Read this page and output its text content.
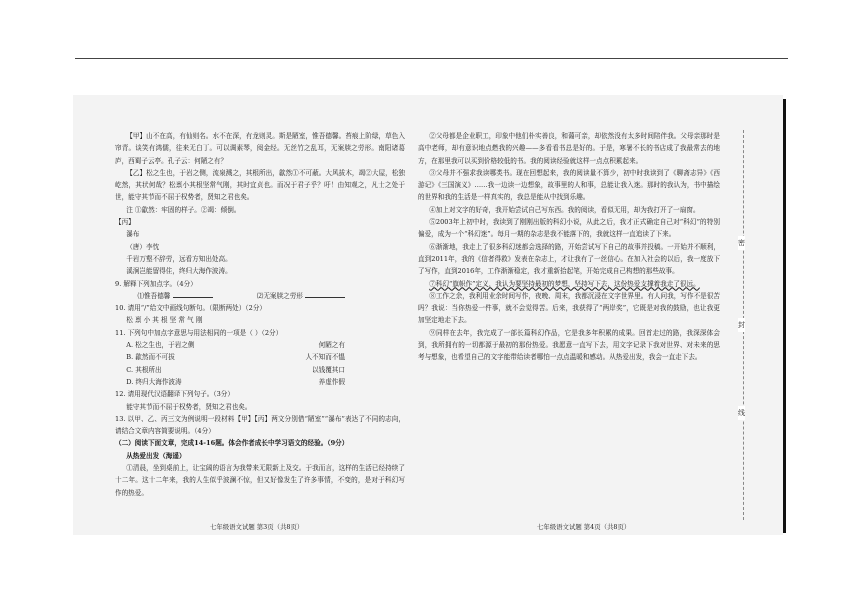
【甲】山不在高，有仙则名。水不在深，有龙则灵。斯是陋室，惟吾德馨。苔痕上阶绿，草色入帘青。谈笑有鸿儒，往来无白丁。可以调素琴，阅金经。无丝竹之乱耳，无案牍之劳形。南阳诸葛庐，西蜀子云亭。孔子云：何陋之有？

【乙】松之生也，于岩之侧，流泉溅之，其根所出，歙然①不可蔽。大风拔木，竭②大屋，松独屹然，其状何哉？松禀小其根坚常气刚，其时宜贞也。而况于君子乎？吁！由知观之，凡士之处于世，能守其节而不屈于权势者，贤知之君也矣。

注 ①歙然：牢固的样子。②竭：倾倒。

【丙】

瀑布

（唐）李忱

千岩万壑不辞劳，远看方知出处高。

溪涧岂能留得住，终归大海作波涛。

9. 解释下列加点字。（4分）

⑴惟吾德馨	⑵无案牍之劳形

10. 请用“/”给文中画线句断句。（限断两处）（2分）

松 禀 小 其 根 坚 常 气 刚

11. 下列句中加点字意思与用法相同的一项是（ ）（2分）

A. 松之生也，于岩之侧	何陋之有
B. 歙然而不可拔	人不知而不愠
C. 其根所出	以钱覆其口
D. 终归大海作波涛	养虚作假

12. 请用现代汉语翻译下列句子。（3分）

能守其节而不屈于权势者，贤知之君也矣。

13. 以甲、乙、丙三文为例说明一段材料【甲】【丙】两文分别借“陋室”“瀑布”表达了不同的志向，请结合文章内容简要说明。（4分）

（二）阅读下面文章，完成14-16题。体会作者成长中学习语文的经验。（9分）

从热爱出发（海遥）

①清晨，坐到桌前上，让宝阔的语言为我带来无限新上及交。于我而言，这样的生活已经持续了十二年。这十二年来，我的人生似乎波澜不惊，但又好像发生了许多事情，不变的，是对于科幻写作的热爱。

②父母都是企业职工，印象中他们朴实善良，和蔼可亲，却依然没有太多时间陪伴我。父母亲那时是高中老师，却有意识地点燃我的兴趣——多看看书总是好的。于是，寒暑不长的书店成了我最常去的地方，在那里我可以买到价格较低的书。我的阅读经验就这样一点点积累起来。

③父母并不强求我读哪类书。现在回想起来，我的阅读量不算少，初中时我读到了《聊斋志异》《西游记》《三国演义》……我一边读一边想象，故事里的人和事，总能让我入迷。那时的我认为，书中描绘的世界和我的生活是一样真实的，我总是能从中找到乐趣。

④加上对文字的好奇，我开始尝试自己写东西。我的阅读，看似无用，却为我打开了一扇窗。

⑤2003年上初中时，我读到了刚刚出版的科幻小说，从此之后，我才正式确定自己对“科幻”的特别偏爱，成为一个“科幻迷”。每月一期的杂志是我不能落下的，我就这样一直追读了下来。

⑥渐渐地，我走上了很多科幻迷都会选择的路，开始尝试写下自己的故事并投稿。一开始并不顺利，直到2011年，我的《信者得救》发表在杂志上，才让我有了一丝信心。在加入社会的以后，我一度放下了写作，直到2016年，工作渐渐稳定，我才重新拾起笔，开始完成自己构想的那些故事。

⑦科幻“旗帜作”定义，我认为要坚持最初的梦想，坚持写下去，这份热爱支撑着我走了很远。

⑧工作之余，我利用业余时间写作，夜晚、周末，我都沉浸在文字世界里。有人问我，写作不是很苦吗？我说：当你热爱一件事，就不会觉得苦。后来，我获得了“两岸奖”，它既是对我的鼓励，也让我更加坚定地走下去。

⑨同样在去年，我完成了一部长篇科幻作品，它是我多年积累的成果。回首走过的路，我深深体会到，我所拥有的一切都源于最初的那份热爱。我愿意一直写下去，用文字记录下我对世界、对未来的思考与想象，也希望自己的文字能带给读者哪怕一点点温暖和感动。从热爱出发，我会一直走下去。

七年级语文试题 第3页（共8页）	七年级语文试题 第4页（共8页）
密
封
线
